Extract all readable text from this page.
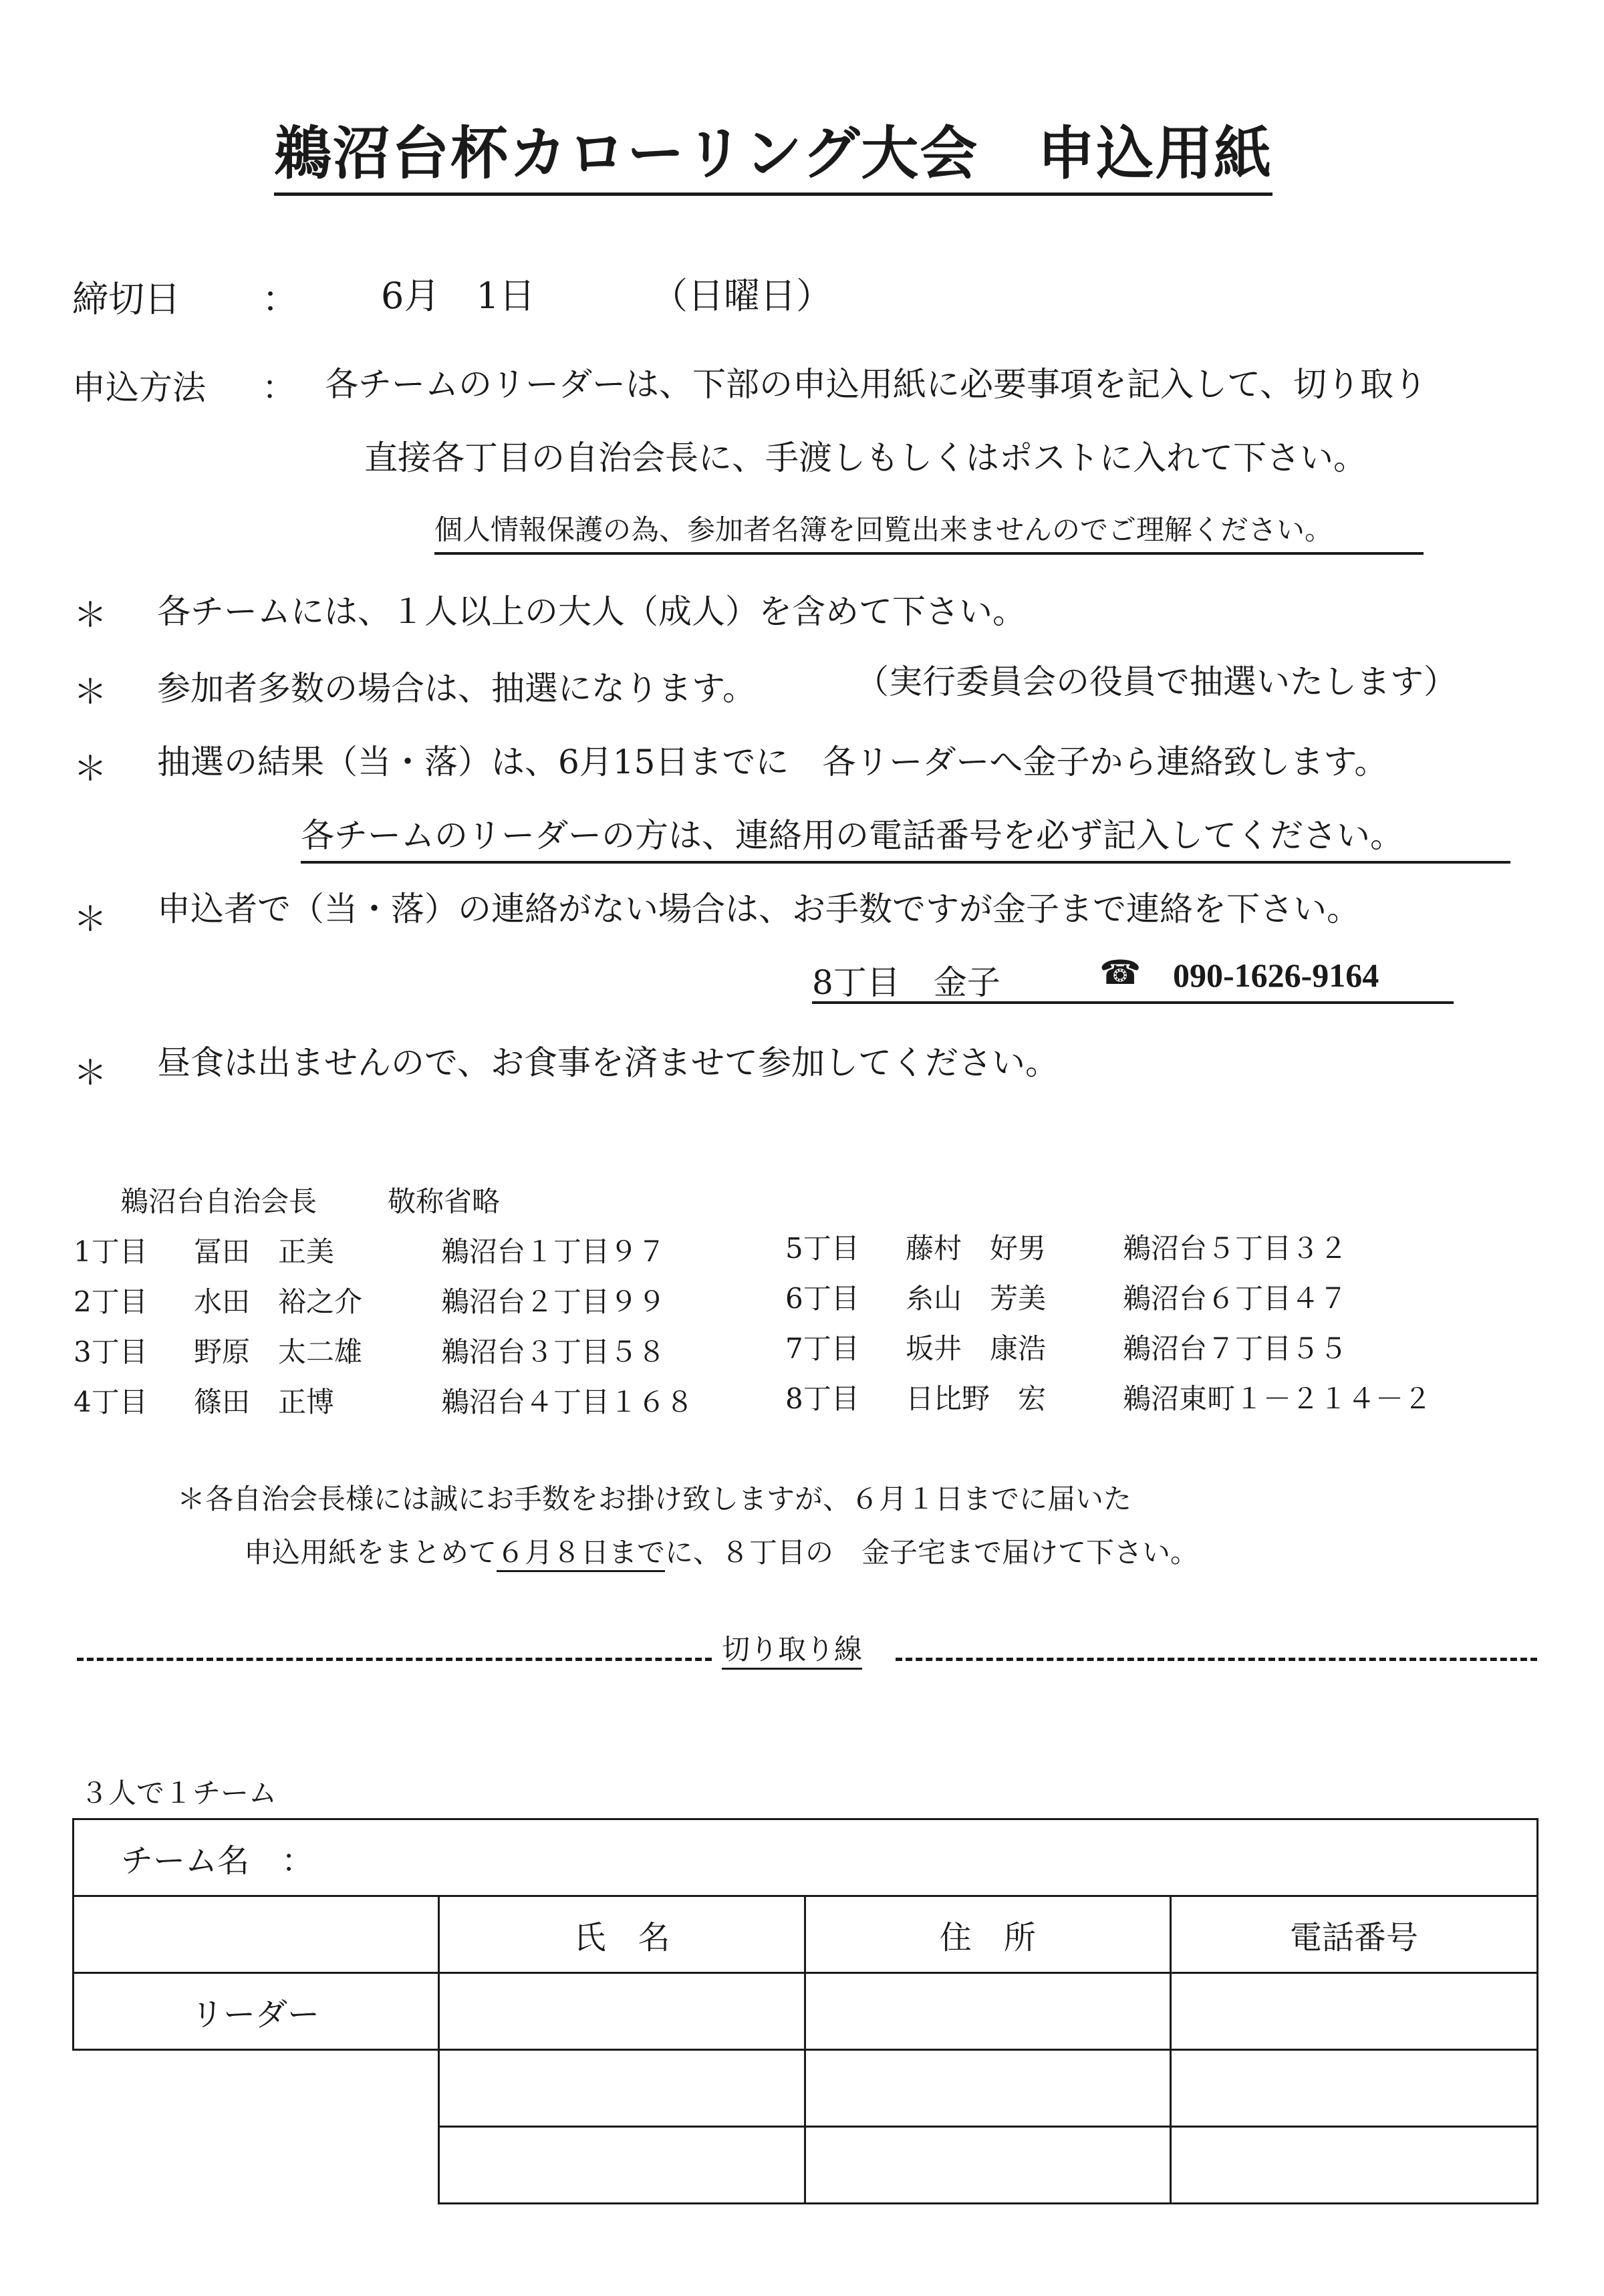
鵜沼台杯カローリング大会　申込用紙
締切日 ： 6月　1日	（日曜日）
申込方法 ： 各チームのリーダーは、下部の申込用紙に必要事項を記入して、切り取り
直接各丁目の自治会長に、手渡しもしくはポストに入れて下さい。
個人情報保護の為、参加者名簿を回覧出来ませんのでご理解ください。
＊ 各チームには、１人以上の大人（成人）を含めて下さい。
＊ 参加者多数の場合は、抽選になります。	（実行委員会の役員で抽選いたします）
＊ 抽選の結果（当・落）は、6月15日までに　各リーダーへ金子から連絡致します。
各チームのリーダーの方は、連絡用の電話番号を必ず記入してください。
＊ 申込者で（当・落）の連絡がない場合は、お手数ですが金子まで連絡を下さい。
8丁目　金子	☎ 090-1626-9164
＊ 昼食は出ませんので、お食事を済ませて参加してください。
鵜沼台自治会長	敬称省略
1丁目 冨田　正美	鵜沼台１丁目９７
2丁目 水田　裕之介	鵜沼台２丁目９９
3丁目 野原　太二雄	鵜沼台３丁目５８
4丁目 篠田　正博	鵜沼台４丁目１６８
5丁目 藤村　好男	鵜沼台５丁目３２
6丁目 糸山　芳美	鵜沼台６丁目４７
7丁目 坂井　康浩	鵜沼台７丁目５５
8丁目 日比野　宏	鵜沼東町１－２１４－２
＊各自治会長様には誠にお手数をお掛け致しますが、６月１日までに届いた
申込用紙をまとめて６月８日までに、８丁目の　金子宅まで届けて下さい。
切り取り線
３人で１チーム
チーム名　：			
	氏　名	住　所	電話番号
リーダー			
